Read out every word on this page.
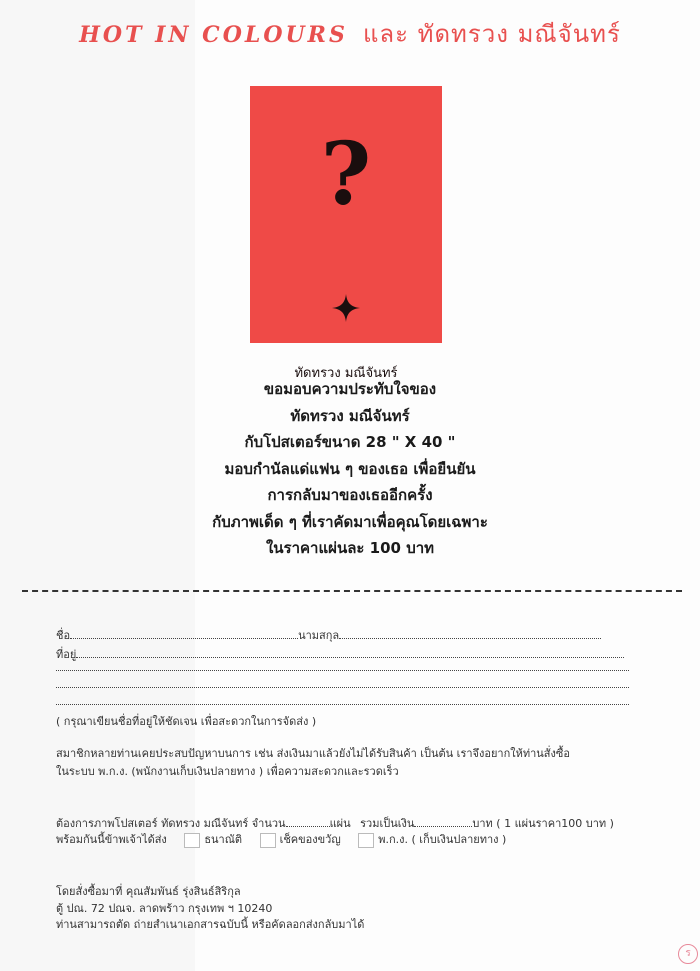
HOT IN COLOURS และ ทัดทรวง มณีจันทร์
?
ทัดทรวง มณีจันทร์
ขอมอบความประทับใจของ
ทัดทรวง มณีจันทร์
กับโปสเตอร์ขนาด 28 " X 40 "
มอบกำนัลแด่แฟน ๆ ของเธอ เพื่อยืนยัน
การกลับมาของเธออีกครั้ง
กับภาพเด็ด ๆ ที่เราคัดมาเพื่อคุณโดยเฉพาะ
ในราคาแผ่นละ 100 บาท
ชื่อ	นามสกุล
ที่อยู่
( กรุณาเขียนชื่อที่อยู่ให้ชัดเจน เพื่อสะดวกในการจัดส่ง )
สมาชิกหลายท่านเคยประสบปัญหาบนการ เช่น ส่งเงินมาแล้วยังไม่ได้รับสินค้า เป็นต้น เราจึงอยากให้ท่านสั่งซื้อ
ในระบบ พ.ก.ง. (พนักงานเก็บเงินปลายทาง ) เพื่อความสะดวกและรวดเร็ว
ต้องการภาพโปสเตอร์ ทัดทรวง มณีจันทร์ จำนวน	แผ่น รวมเป็นเงิน	บาท ( 1 แผ่นราคา100 บาท )
พร้อมกันนี้ข้าพเจ้าได้ส่ง	ธนาณัติ	เช็คของขวัญ	พ.ก.ง. ( เก็บเงินปลายทาง )
โดยสั่งซื้อมาที่ คุณสัมพันธ์ รุ่งสินธ์สิริกุล
ตู้ ปณ. 72 ปณจ. ลาดพร้าว กรุงเทพ ฯ 10240
ท่านสามารถตัด ถ่ายสำเนาเอกสารฉบับนี้ หรือคัดลอกส่งกลับมาได้
ร
